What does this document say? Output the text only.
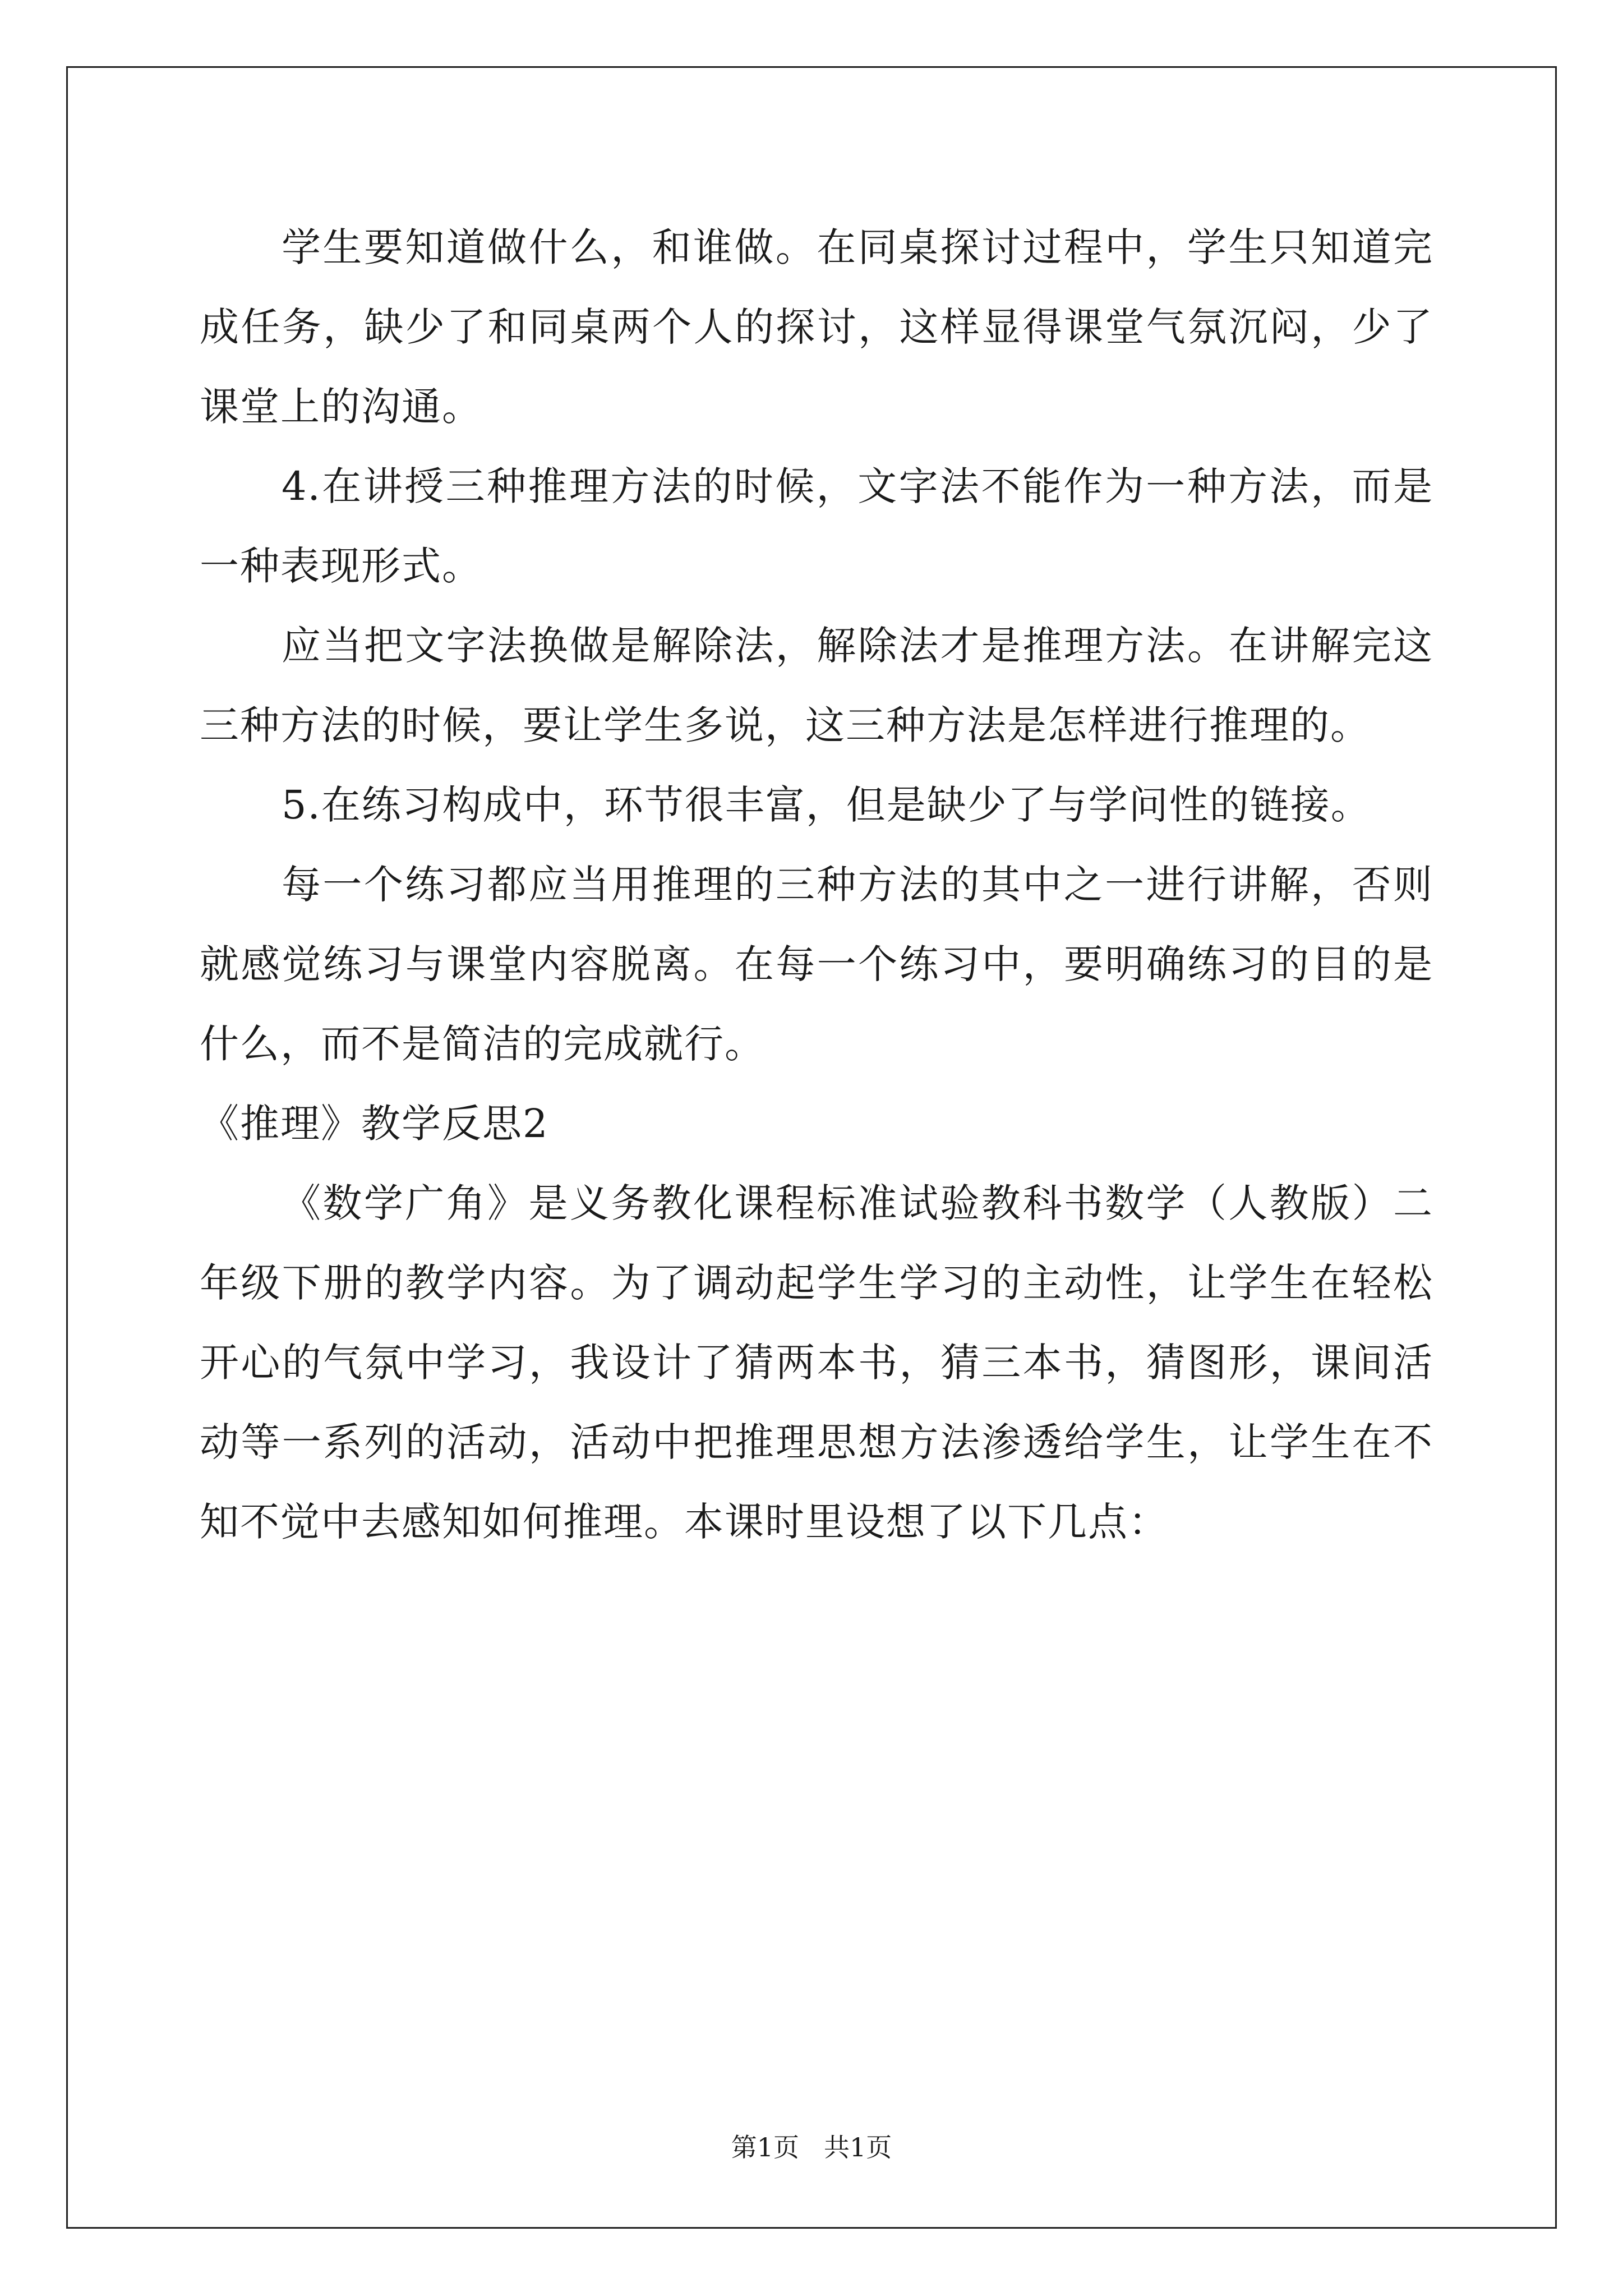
学生要知道做什么，和谁做。在同桌探讨过程中，学生只知道完成任务，缺少了和同桌两个人的探讨，这样显得课堂气氛沉闷，少了课堂上的沟通。

4.在讲授三种推理方法的时候，文字法不能作为一种方法，而是一种表现形式。

应当把文字法换做是解除法，解除法才是推理方法。在讲解完这三种方法的时候，要让学生多说，这三种方法是怎样进行推理的。

5.在练习构成中，环节很丰富，但是缺少了与学问性的链接。

每一个练习都应当用推理的三种方法的其中之一进行讲解，否则就感觉练习与课堂内容脱离。在每一个练习中，要明确练习的目的是什么，而不是简洁的完成就行。

《推理》教学反思2

《数学广角》是义务教化课程标准试验教科书数学（人教版）二年级下册的教学内容。为了调动起学生学习的主动性，让学生在轻松开心的气氛中学习，我设计了猜两本书，猜三本书，猜图形，课间活动等一系列的活动，活动中把推理思想方法渗透给学生，让学生在不知不觉中去感知如何推理。本课时里设想了以下几点：

第1页 共1页
